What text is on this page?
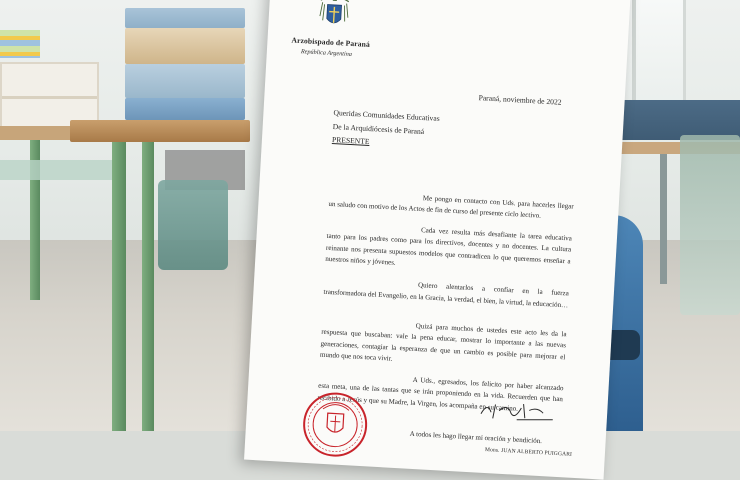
Arzobispado de Paraná
República Argentina
Paraná, noviembre de 2022
Queridas Comunidades Educativas
De la Arquidiócesis de Paraná
PRESENTE
Me pongo en contacto con Uds. para hacerles llegar un saludo con motivo de los Actos de fin de curso del presente ciclo lectivo.
Cada vez resulta más desafiante la tarea educativa tanto para los padres como para los directivos, docentes y no docentes. La cultura reinante nos presenta supuestos modelos que contradicen lo que queremos enseñar a nuestros niños y jóvenes.
Quiero alentarlos a confiar en la fuerza transformadora del Evangelio, en la Gracia, la verdad, el bien, la virtud, la educación…
Quizá para muchos de ustedes este acto les da la respuesta que buscaban: vale la pena educar, mostrar lo importante a las nuevas generaciones, contagiar la esperanza de que un cambio es posible para mejorar el mundo que nos toca vivir.
A Uds., egresados, los felicito por haber alcanzado esta meta, una de las tantas que se irán proponiendo en la vida. Recuerden que han recibido a Jesús y que su Madre, la Virgen, los acompaña en su camino.
A todos les hago llegar mi oración y bendición.
Mons. JUAN ALBERTO PUIGGARI
